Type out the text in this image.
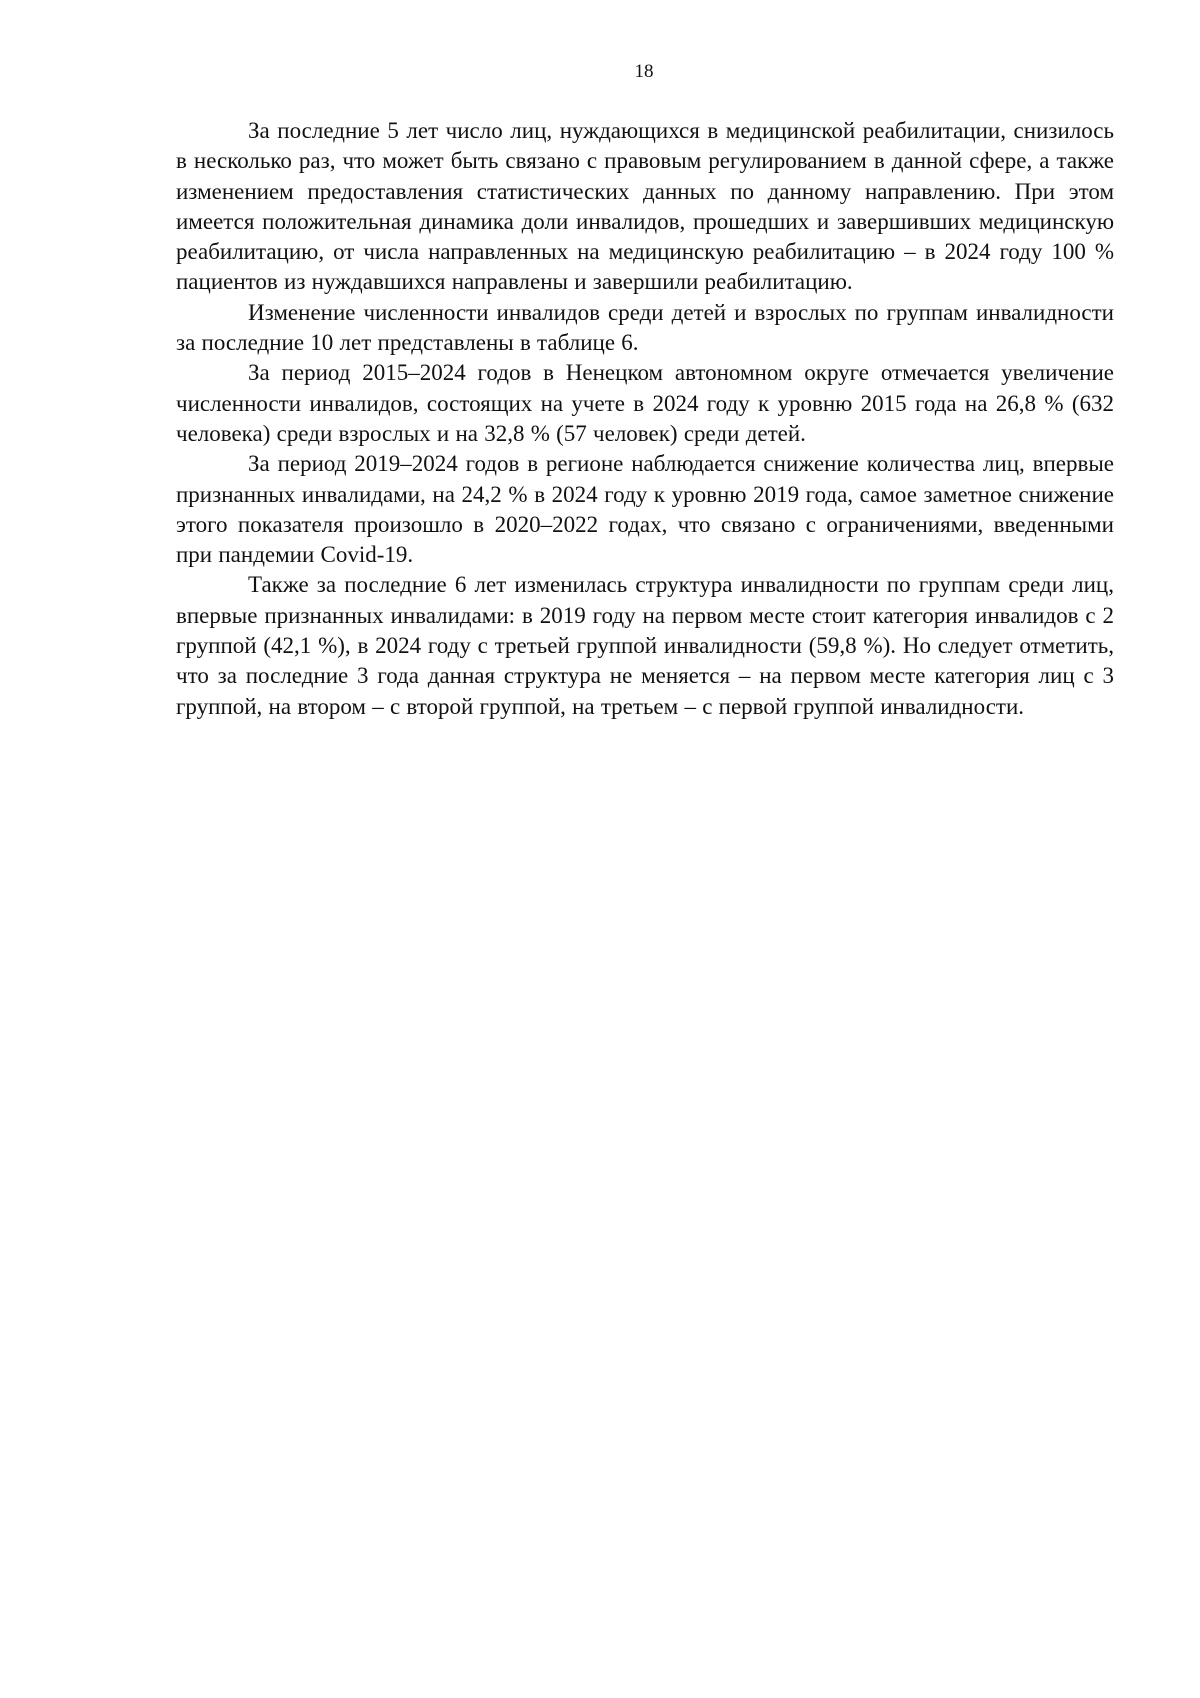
18

За последние 5 лет число лиц, нуждающихся в медицинской реабилитации, снизилось в несколько раз, что может быть связано с правовым регулированием в данной сфере, а также изменением предоставления статистических данных по данному направлению. При этом имеется положительная динамика доли инвалидов, прошедших и завершивших медицинскую реабилитацию, от числа направленных на медицинскую реабилитацию – в 2024 году 100 % пациентов из нуждавшихся направлены и завершили реабилитацию.

Изменение численности инвалидов среди детей и взрослых по группам инвалидности за последние 10 лет представлены в таблице 6.

За период 2015–2024 годов в Ненецком автономном округе отмечается увеличение численности инвалидов, состоящих на учете в 2024 году к уровню 2015 года на 26,8 % (632 человека) среди взрослых и на 32,8 % (57 человек) среди детей.

За период 2019–2024 годов в регионе наблюдается снижение количества лиц, впервые признанных инвалидами, на 24,2 % в 2024 году к уровню 2019 года, самое заметное снижение этого показателя произошло в 2020–2022 годах, что связано с ограничениями, введенными при пандемии Covid-19.

Также за последние 6 лет изменилась структура инвалидности по группам среди лиц, впервые признанных инвалидами: в 2019 году на первом месте стоит категория инвалидов с 2 группой (42,1 %), в 2024 году с третьей группой инвалидности (59,8 %). Но следует отметить, что за последние 3 года данная структура не меняется – на первом месте категория лиц с 3 группой, на втором – с второй группой, на третьем – с первой группой инвалидности.
